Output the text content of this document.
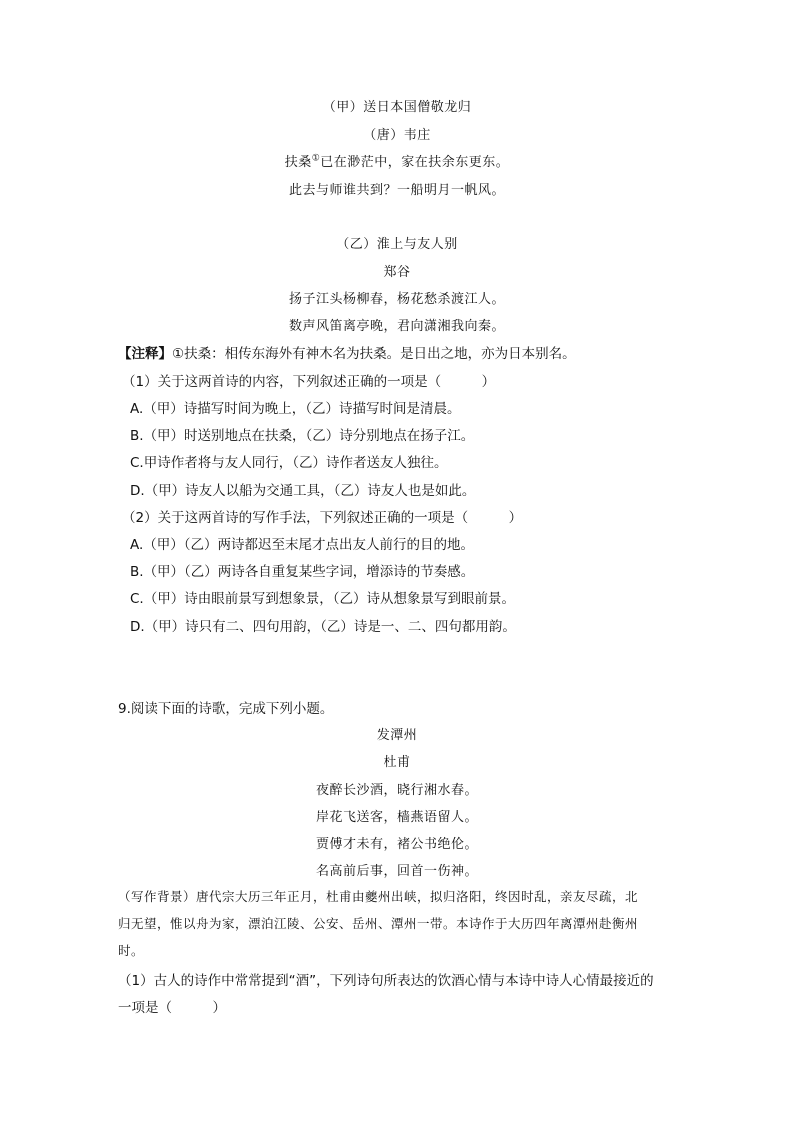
（甲）送日本国僧敬龙归
（唐）韦庄
扶桑①已在渺茫中，家在扶余东更东。
此去与师谁共到？一船明月一帆风。
（乙）淮上与友人别
郑谷
扬子江头杨柳春，杨花愁杀渡江人。
数声风笛离亭晚，君向潇湘我向秦。
【注释】①扶桑：相传东海外有神木名为扶桑。是日出之地，亦为日本别名。
（1）关于这两首诗的内容，下列叙述正确的一项是（　　　）
A.（甲）诗描写时间为晚上，（乙）诗描写时间是清晨。
B.（甲）时送别地点在扶桑，（乙）诗分别地点在扬子江。
C.甲诗作者将与友人同行，（乙）诗作者送友人独往。
D.（甲）诗友人以船为交通工具，（乙）诗友人也是如此。
（2）关于这两首诗的写作手法，下列叙述正确的一项是（　　　）
A.（甲）（乙）两诗都迟至末尾才点出友人前行的目的地。
B.（甲）（乙）两诗各自重复某些字词，增添诗的节奏感。
C.（甲）诗由眼前景写到想象景，（乙）诗从想象景写到眼前景。
D.（甲）诗只有二、四句用韵，（乙）诗是一、二、四句都用韵。
9.阅读下面的诗歌，完成下列小题。
发潭州
杜甫
夜醉长沙酒，晓行湘水春。
岸花飞送客，樯燕语留人。
贾傅才未有，褚公书绝伦。
名高前后事，回首一伤神。
（写作背景）唐代宗大历三年正月，杜甫由夔州出峡，拟归洛阳，终因时乱，亲友尽疏，北
归无望，惟以舟为家，漂泊江陵、公安、岳州、潭州一带。本诗作于大历四年离潭州赴衡州
时。
（1）古人的诗作中常常提到“酒”，下列诗句所表达的饮酒心情与本诗中诗人心情最接近的
一项是（　　　）
